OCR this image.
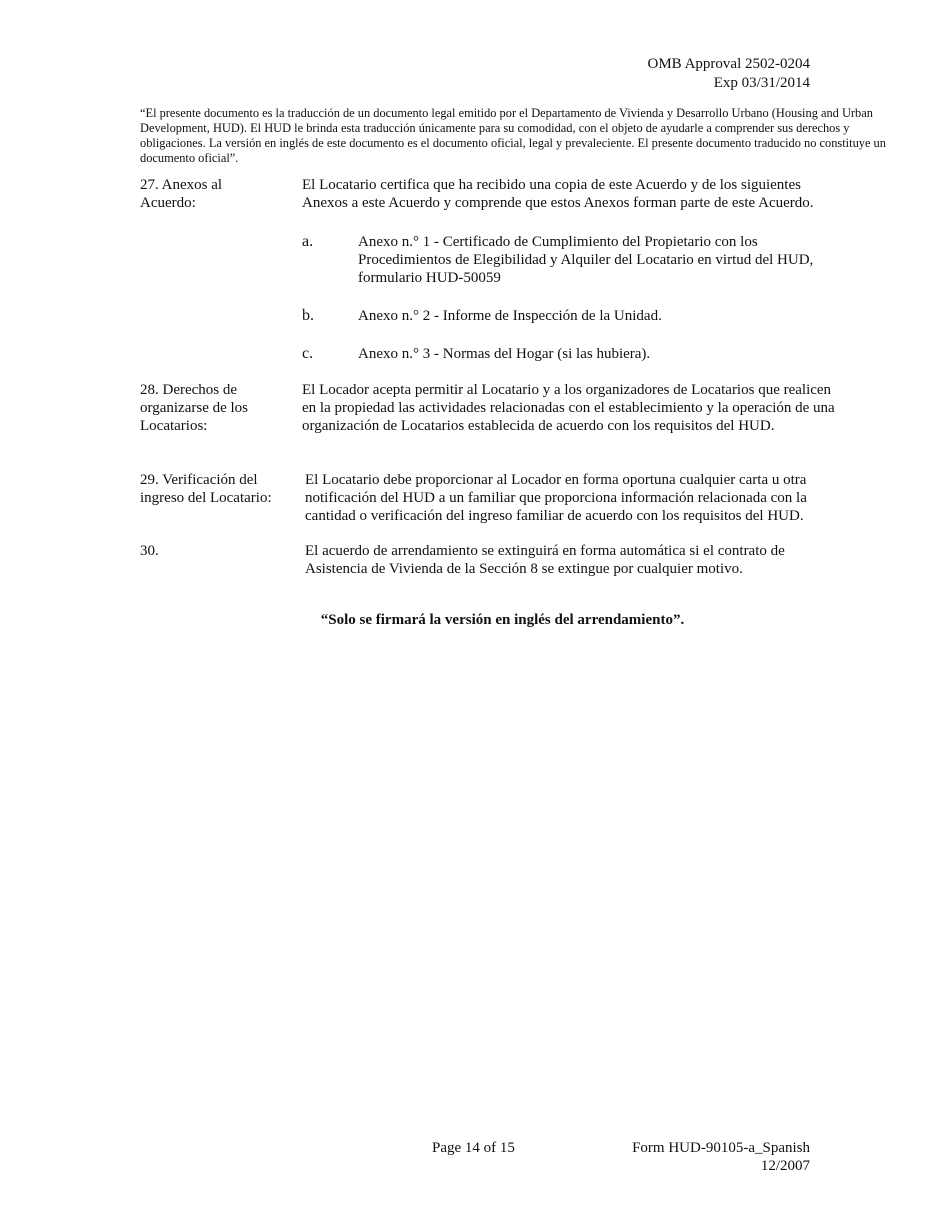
OMB Approval 2502-0204
Exp 03/31/2014
“El presente documento es la traducción de un documento legal emitido por el Departamento de Vivienda y Desarrollo Urbano (Housing and Urban Development, HUD). El HUD le brinda esta traducción únicamente para su comodidad, con el objeto de ayudarle a comprender sus derechos y obligaciones. La versión en inglés de este documento es el documento oficial, legal y prevaleciente. El presente documento traducido no constituye un documento oficial”.
27. Anexos al Acuerdo:
El Locatario certifica que ha recibido una copia de este Acuerdo y de los siguientes Anexos a este Acuerdo y comprende que estos Anexos forman parte de este Acuerdo.
a.	Anexo n.° 1 - Certificado de Cumplimiento del Propietario con los Procedimientos de Elegibilidad y Alquiler del Locatario en virtud del HUD, formulario HUD-50059
b.	Anexo n.° 2 - Informe de Inspección de la Unidad.
c.	Anexo n.° 3 - Normas del Hogar (si las hubiera).
28. Derechos de organizarse de los Locatarios:
El Locador acepta permitir al Locatario y a los organizadores de Locatarios que realicen en la propiedad las actividades relacionadas con el establecimiento y la operación de una organización de Locatarios establecida de acuerdo con los requisitos del HUD.
29. Verificación del ingreso del Locatario:
El Locatario debe proporcionar al Locador en forma oportuna cualquier carta u otra notificación del HUD a un familiar que proporciona información relacionada con la cantidad o verificación del ingreso familiar de acuerdo con los requisitos del HUD.
30.	El acuerdo de arrendamiento se extinguirá en forma automática si el contrato de Asistencia de Vivienda de la Sección 8 se extingue por cualquier motivo.
“Solo se firmará la versión en inglés del arrendamiento”.
Page 14 of 15	Form HUD-90105-a_Spanish
12/2007
